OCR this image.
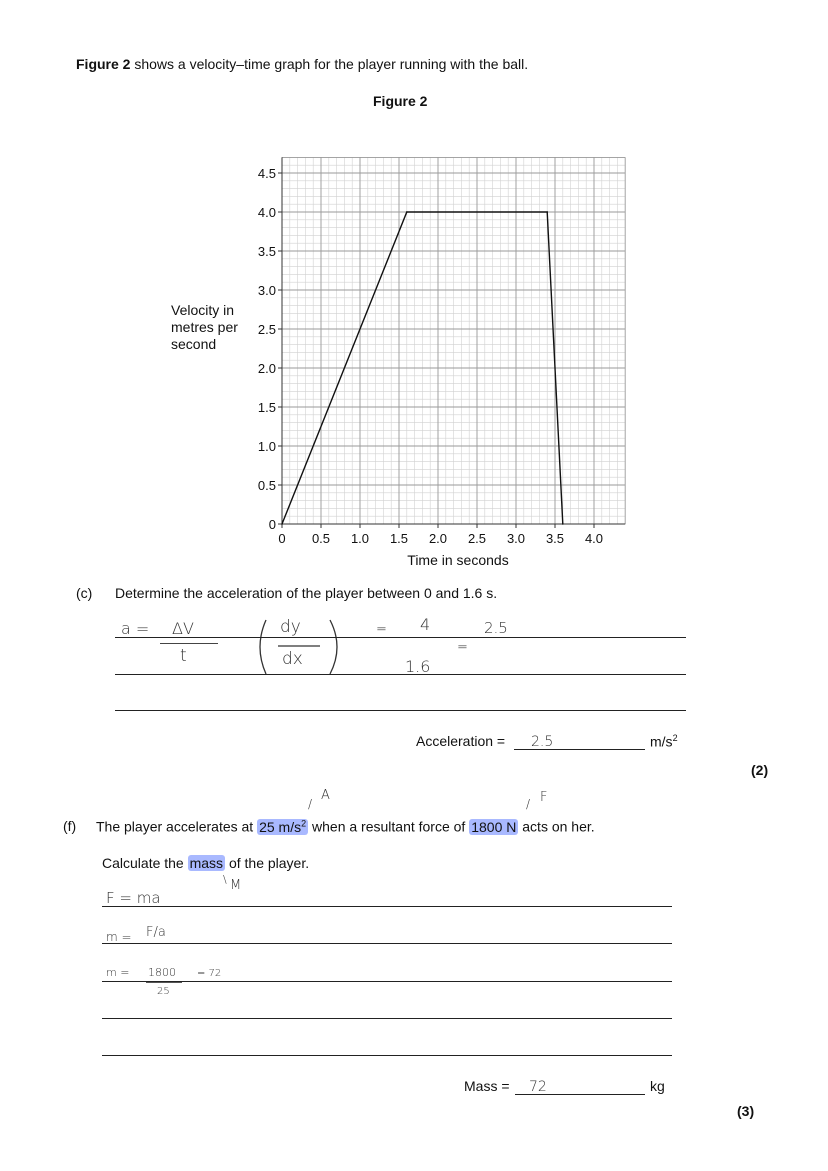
Figure 2 shows a velocity–time graph for the player running with the ball.
Figure 2
0
0.5
1.0
1.5
2.0
2.5
3.0
3.5
4.0
4.5
0 0.5 1.0 1.5 2.0 2.5 3.0 3.5 4.0
Velocity in
metres per
second
Time in seconds
(c) Determine the acceleration of the player between 0 and 1.6 s.
a = ΔV
t
dy
dx
= 4
=
2.5
1.6
Acceleration = 2.5	$m/s^2$
(2)
/
A
/ F
(f) The player accelerates at 25 $m/s^2$ when a resultant force of 1800 N acts on her.
Calculate the mass of the player.
\ M
F = ma
m = F/a
m = 1800
25
= 72
Mass = 72	kg
(3)
